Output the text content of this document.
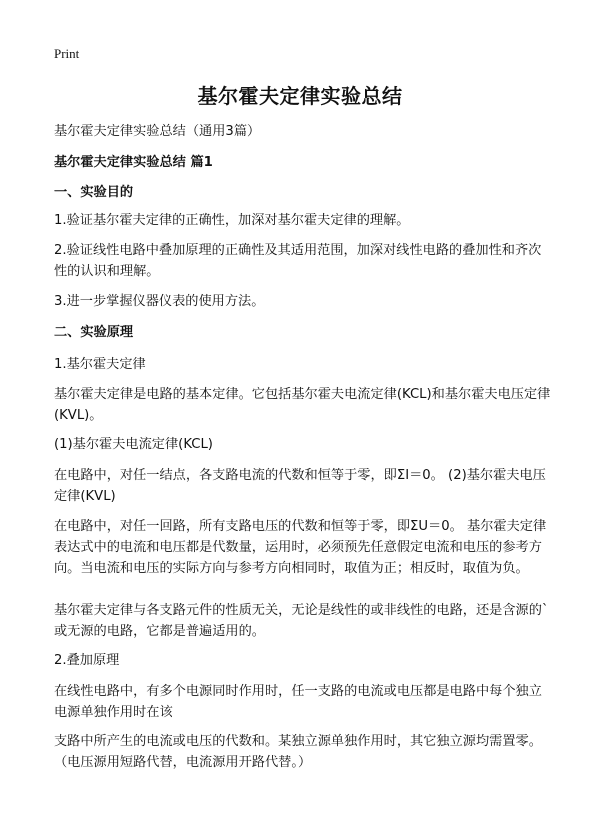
Print
基尔霍夫定律实验总结
基尔霍夫定律实验总结（通用3篇）
基尔霍夫定律实验总结 篇1
一、实验目的
1.验证基尔霍夫定律的正确性，加深对基尔霍夫定律的理解。
2.验证线性电路中叠加原理的正确性及其适用范围，加深对线性电路的叠加性和齐次性的认识和理解。
3.进一步掌握仪器仪表的使用方法。
二、实验原理
1.基尔霍夫定律
基尔霍夫定律是电路的基本定律。它包括基尔霍夫电流定律(KCL)和基尔霍夫电压定律(KVL)。
(1)基尔霍夫电流定律(KCL)
在电路中，对任一结点，各支路电流的代数和恒等于零，即ΣI＝0。 (2)基尔霍夫电压定律(KVL)
在电路中，对任一回路，所有支路电压的代数和恒等于零，即ΣU＝0。 基尔霍夫定律表达式中的电流和电压都是代数量，运用时，必须预先任意假定电流和电压的参考方向。当电流和电压的实际方向与参考方向相同时，取值为正；相反时，取值为负。
基尔霍夫定律与各支路元件的性质无关，无论是线性的或非线性的电路，还是含源的`或无源的电路，它都是普遍适用的。
2.叠加原理
在线性电路中，有多个电源同时作用时，任一支路的电流或电压都是电路中每个独立电源单独作用时在该
支路中所产生的电流或电压的代数和。某独立源单独作用时，其它独立源均需置零。（电压源用短路代替，电流源用开路代替。）
